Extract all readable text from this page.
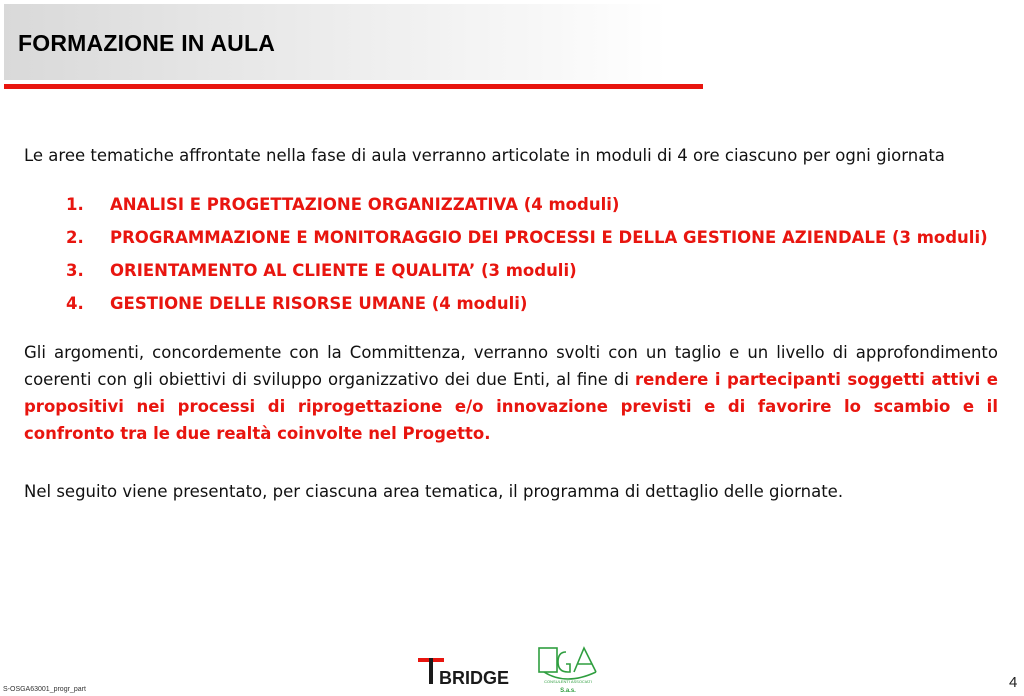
FORMAZIONE IN AULA

Le aree tematiche affrontate nella fase di aula verranno articolate in moduli di 4 ore ciascuno per ogni giornata

1. ANALISI E PROGETTAZIONE ORGANIZZATIVA (4 moduli)
2. PROGRAMMAZIONE E MONITORAGGIO DEI PROCESSI E DELLA GESTIONE AZIENDALE (3 moduli)
3. ORIENTAMENTO AL CLIENTE E QUALITA’ (3 moduli)
4. GESTIONE DELLE RISORSE UMANE (4 moduli)

Gli argomenti, concordemente con la Committenza, verranno svolti con un taglio e un livello di approfondimento coerenti con gli obiettivi di sviluppo organizzativo dei due Enti, al fine di rendere i partecipanti soggetti attivi e propositivi nei processi di riprogettazione e/o innovazione previsti e di favorire lo scambio e il confronto tra le due realtà coinvolte nel Progetto.

Nel seguito viene presentato, per ciascuna area tematica, il programma di dettaglio delle giornate.

S-OSGA63001_progr_part
BRIDGE	CONSULENTI ASSOCIATI
S.a.s.	4
